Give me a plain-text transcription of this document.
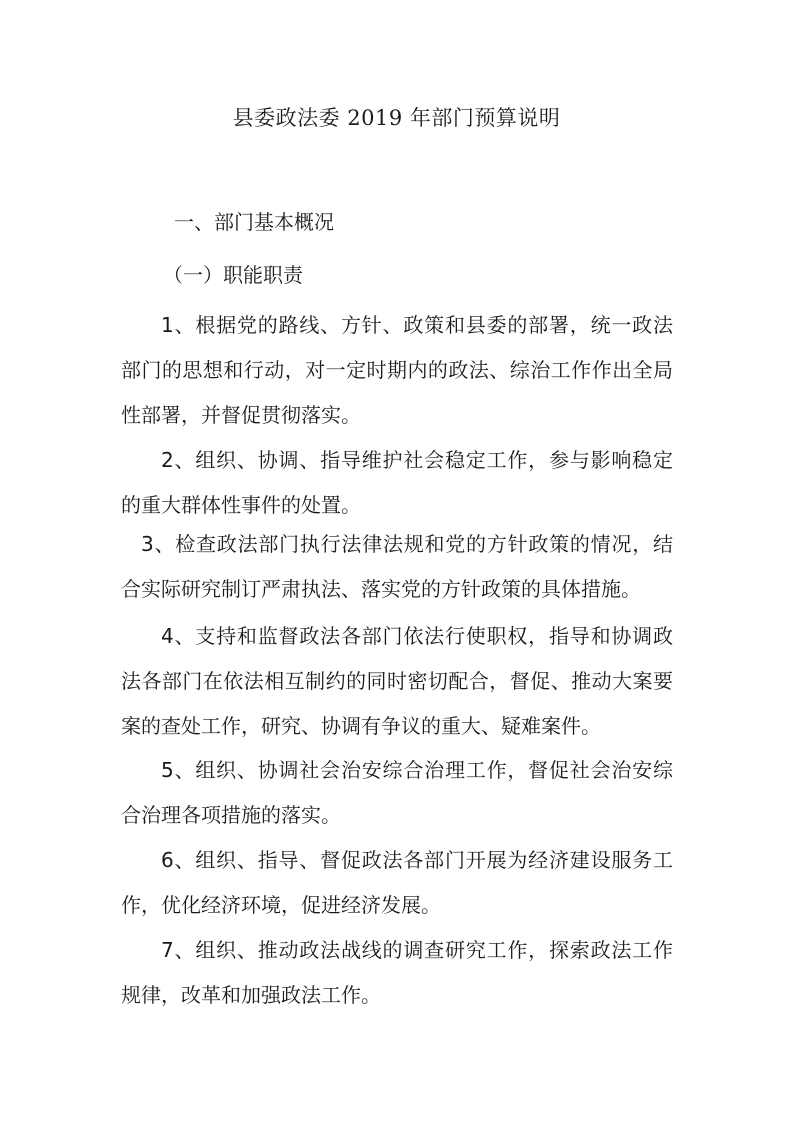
县委政法委 2019 年部门预算说明

一、部门基本概况

（一）职能职责

1、根据党的路线、方针、政策和县委的部署，统一政法部门的思想和行动，对一定时期内的政法、综治工作作出全局性部署，并督促贯彻落实。

2、组织、协调、指导维护社会稳定工作，参与影响稳定的重大群体性事件的处置。

3、检查政法部门执行法律法规和党的方针政策的情况，结合实际研究制订严肃执法、落实党的方针政策的具体措施。

4、支持和监督政法各部门依法行使职权，指导和协调政法各部门在依法相互制约的同时密切配合，督促、推动大案要案的查处工作，研究、协调有争议的重大、疑难案件。

5、组织、协调社会治安综合治理工作，督促社会治安综合治理各项措施的落实。

6、组织、指导、督促政法各部门开展为经济建设服务工作，优化经济环境，促进经济发展。

7、组织、推动政法战线的调查研究工作，探索政法工作规律，改革和加强政法工作。
